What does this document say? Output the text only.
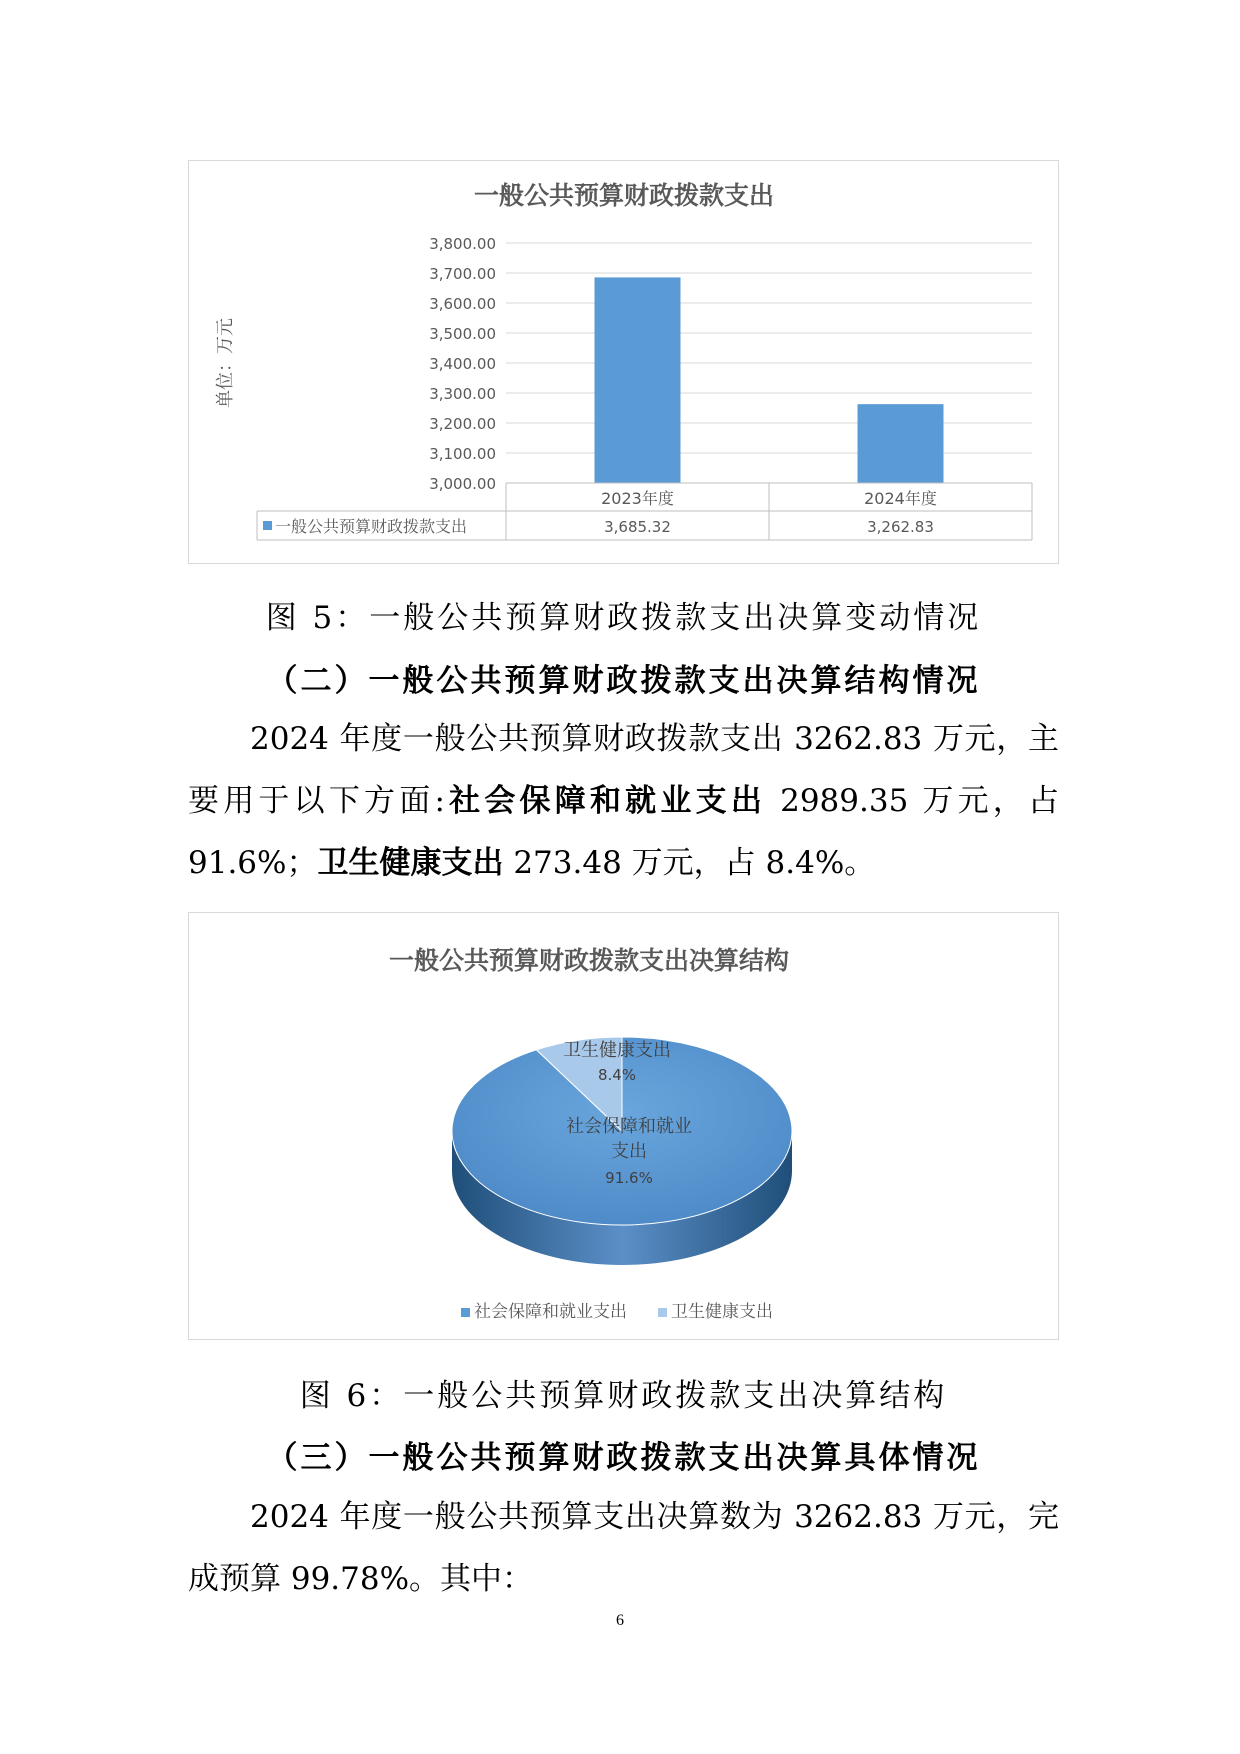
一般公共预算财政拨款支出
单位：万元
3,000.00
3,100.00
3,200.00
3,300.00
3,400.00
3,500.00
3,600.00
3,700.00
3,800.00
2023年度
3,685.32
2024年度
3,262.83
一般公共预算财政拨款支出
图 5：一般公共预算财政拨款支出决算变动情况
（二）一般公共预算财政拨款支出决算结构情况
2024 年度一般公共预算财政拨款支出 3262.83 万元，主要用于以下方面:社会保障和就业支出 2989.35 万元，占 91.6%；卫生健康支出 273.48 万元，占 8.4%。
一般公共预算财政拨款支出决算结构
社会保障和就业
支出
91.6%
卫生健康支出
8.4%
社会保障和就业支出	卫生健康支出
图 6：一般公共预算财政拨款支出决算结构
（三）一般公共预算财政拨款支出决算具体情况
2024 年度一般公共预算支出决算数为 3262.83 万元，完成预算 99.78%。其中：
6
